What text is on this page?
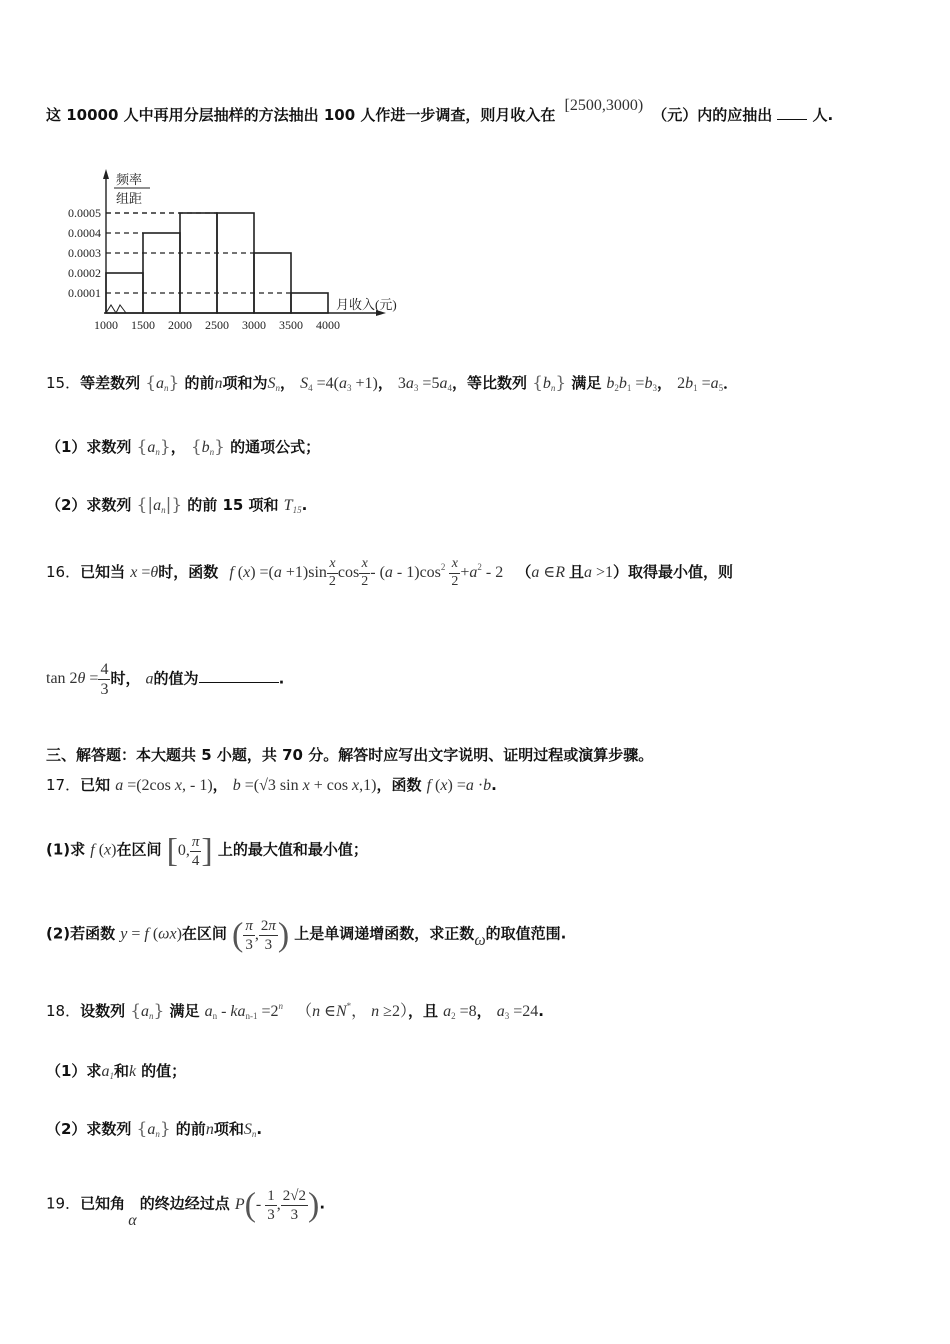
这 10000 人中再用分层抽样的方法抽出 100 人作进一步调查，则月收入在 [2500,3000) （元）内的应抽出	人.
频率
组距
0.0001
0.0002
0.0003
0.0004
0.0005
1000 1500 2000 2500 3000 3500 4000
月收入(元)
15．等差数列 $\{a_n\}$ 的前n项和为$S_n$， $S_4 =4(a_3 +1)$， $3a_3 =5a_4$，等比数列 $\{b_n\}$ 满足 $b_2b_1 =b_3$， $2b_1 =a_5$．
（1）求数列 $\{a_n\}$， $\{b_n\}$ 的通项公式；
（2）求数列 $\{|a_n|\}$ 的前 15 项和 $T_{15}$.
16．已知当 x =θ时，函数 f $(x) =(a +1)\sin \frac{x}{2}$ $\cos \frac{x}{2} - (a - 1)\cos^2 \frac{x}{2} +a^2 - 2$ （a ∈R 且a >1）取得最小值，则
$\tan 2\theta = \frac{4}{3}$ 时， a的值为	.
三、解答题：本大题共 5 小题，共 70 分。解答时应写出文字说明、证明过程或演算步骤。
17．已知 a =(2cos x, - 1)， b =(√3 sin x + cos x,1)，函数 f (x) =a ·b.
(1)求 f (x)在区间 [0, $\frac{\pi}{4}$ ] 上的最大值和最小值；
(2)若函数 y = f (ωx)在区间 ( $\frac{\pi}{3}$ , $\frac{2\pi}{3}$ ) 上是单调递增函数，求正数ω的取值范围.
18．设数列 $\{a_n\}$ 满足 $a_n - ka_{n-1} =2^n$ （n ∈N*， n ≥2），且 $a_2 =8$， $a_3 =24$.
（1）求$a_1$和k 的值；
（2）求数列 $\{a_n\}$ 的前n项和$S_n$.
19．已知角 α 的终边经过点 $P(- \frac{1}{3}$ , $\frac{2√2}{3}$ ).
